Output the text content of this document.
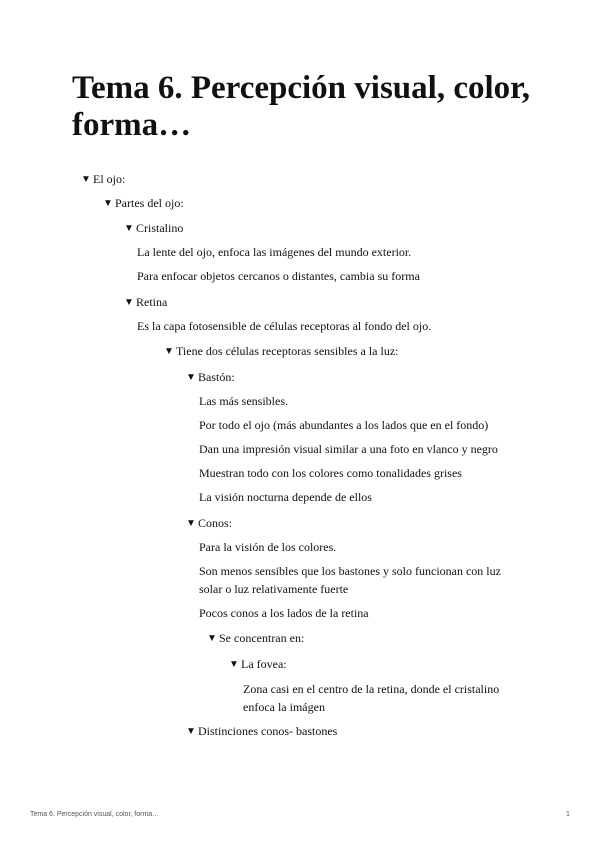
Tema 6. Percepción visual, color, forma…
▼ El ojo:
▼ Partes del ojo:
▼ Cristalino

La lente del ojo, enfoca las imágenes del mundo exterior.

Para enfocar objetos cercanos o distantes, cambia su forma

▼ Retina

Es la capa fotosensible de células receptoras al fondo del ojo.

▼ Tiene dos células receptoras sensibles a la luz:
▼ Bastón:

Las más sensibles.

Por todo el ojo (más abundantes a los lados que en el fondo)

Dan una impresión visual similar a una foto en vlanco y negro

Muestran todo con los colores como tonalidades grises

La visión nocturna depende de ellos

▼ Conos:

Para la visión de los colores.

Son menos sensibles que los bastones y solo funcionan con luz solar o luz relativamente fuerte

Pocos conos a los lados de la retina

▼ Se concentran en:
▼ La fovea:

Zona casi en el centro de la retina, donde el cristalino enfoca la imágen

▼ Distinciones conos- bastones
Tema 6. Percepción visual, color, forma…	1
